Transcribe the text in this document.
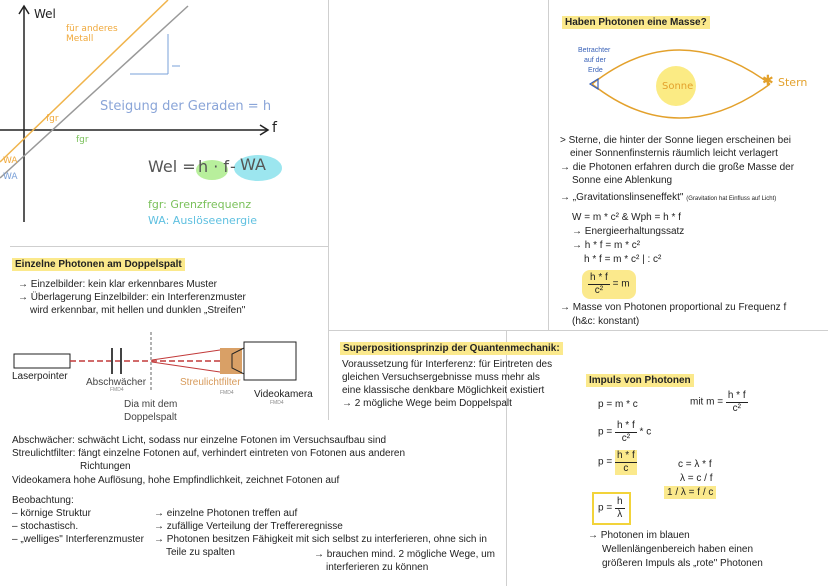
Wel
für anderes Metall
f
fgr
fgr
Steigung der Geraden = h
WA
WA
Wel = h · f - WA
fgr: Grenzfrequenz
WA: Auslöseenergie
Einzelne Photonen am Doppelspalt
→ Einzelbilder: kein klar erkennbares Muster
→ Überlagerung Einzelbilder: ein Interferenzmuster
wird erkennbar, mit hellen und dunklen „Streifen"
Laserpointer
Abschwächer
FMD4
Dia mit dem
Doppelspalt
Streulichtfilter
FMD4 Videokamera
FMD4
Abschwächer: schwächt Licht, sodass nur einzelne Fotonen im Versuchsaufbau sind
Streulichtfilter: fängt einzelne Fotonen auf, verhindert eintreten von Fotonen aus anderen
Richtungen
Videokamera hohe Auflösung, hohe Empfindlichkeit, zeichnet Fotonen auf
Beobachtung:
– körnige Struktur	→ einzelne Photonen treffen auf
– stochastisch.	→ zufällige Verteilung der Treffereregnisse
– „welliges" Interferenzmuster → Photonen besitzen Fähigkeit mit sich selbst zu interferieren, ohne sich in
Teile zu spalten	→ brauchen mind. 2 mögliche Wege, um
interferieren zu können
Superpositionsprinzip der Quantenmechanik:
Voraussetzung für Interferenz: für Eintreten des
gleichen Versuchsergebnisse muss mehr als
eine klassische denkbare Möglichkeit existiert
→ 2 mögliche Wege beim Doppelspalt
Haben Photonen eine Masse?
Betrachter
auf der
Erde
Sonne	✱ Stern
> Sterne, die hinter der Sonne liegen erscheinen bei
einer Sonnenfinsternis räumlich leicht verlagert
→ die Photonen erfahren durch die große Masse der
Sonne eine Ablenkung
→ „Gravitationslinseneffekt" (Gravitation hat Einfluss auf Licht)
W = m * c² & Wph = h * f
→ Energieerhaltungssatz
→ h * f = m * c²
h * f = m * c² | : c²
$\frac{h * f}{\text{c²}} = m$
→ Masse von Photonen proportional zu Frequenz f
(h&c: konstant)
Impuls von Photonen
p = m * c	mit $m = \frac{h * f}{\text{c²}}$
$p = \frac{h * f}{\text{c²}} * c$
$p = \frac{h * f}{c}$	c = λ * f
λ = c / f
1 / λ = f / c
$p = \frac{h}{\lambda}$
→ Photonen im blauen
Wellenlängenbereich haben einen
größeren Impuls als „rote" Photonen
